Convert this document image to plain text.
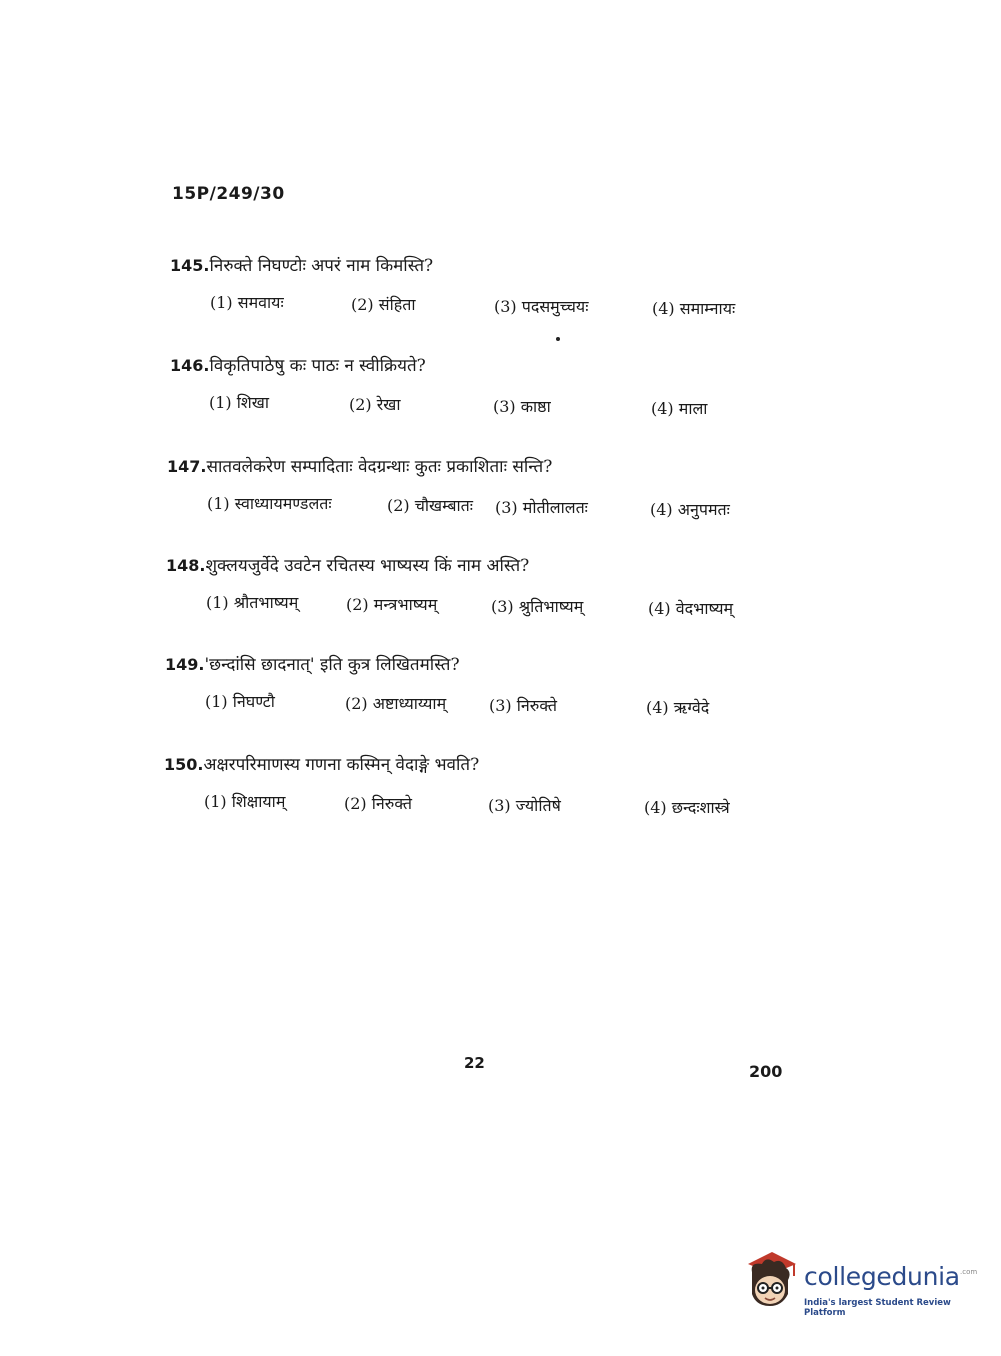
15P/249/30
145.निरुक्ते निघण्टोः अपरं नाम किमस्ति?
(1) समवायः	(2) संहिता	(3) पदसमुच्चयः	(4) समाम्नायः
146.विकृतिपाठेषु कः पाठः न स्वीक्रियते?
(1) शिखा	(2) रेखा	(3) काष्ठा	(4) माला
147.सातवलेकरेण सम्पादिताः वेदग्रन्थाः कुतः प्रकाशिताः सन्ति?
(1) स्वाध्यायमण्डलतः	(2) चौखम्बातः (3) मोतीलालतः	(4) अनुपमतः
148.शुक्लयजुर्वेदे उवटेन रचितस्य भाष्यस्य किं नाम अस्ति?
(1) श्रौतभाष्यम्	(2) मन्त्रभाष्यम्	(3) श्रुतिभाष्यम्	(4) वेदभाष्यम्
149.'छन्दांसि छादनात्' इति कुत्र लिखितमस्ति?
(1) निघण्टौ	(2) अष्टाध्याय्याम्	(3) निरुक्ते	(4) ऋग्वेदे
150.अक्षरपरिमाणस्य गणना कस्मिन् वेदाङ्गे भवति?
(1) शिक्षायाम्	(2) निरुक्ते	(3) ज्योतिषे	(4) छन्दःशास्त्रे
22	200
collegedunia .com
India's largest Student Review Platform
